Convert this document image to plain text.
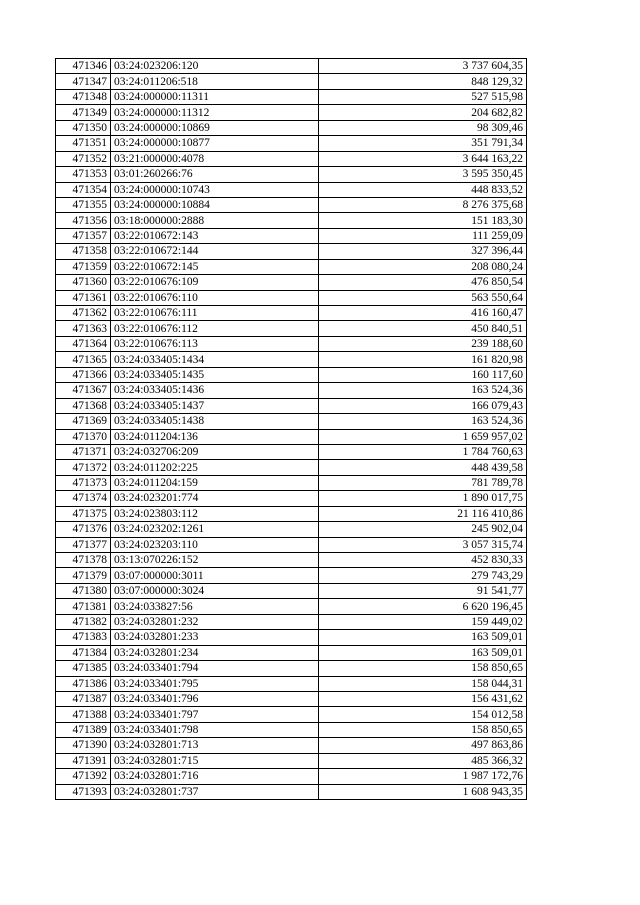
471346	03:24:023206:120	3 737 604,35
471347	03:24:011206:518	848 129,32
471348	03:24:000000:11311	527 515,98
471349	03:24:000000:11312	204 682,82
471350	03:24:000000:10869	98 309,46
471351	03:24:000000:10877	351 791,34
471352	03:21:000000:4078	3 644 163,22
471353	03:01:260266:76	3 595 350,45
471354	03:24:000000:10743	448 833,52
471355	03:24:000000:10884	8 276 375,68
471356	03:18:000000:2888	151 183,30
471357	03:22:010672:143	111 259,09
471358	03:22:010672:144	327 396,44
471359	03:22:010672:145	208 080,24
471360	03:22:010676:109	476 850,54
471361	03:22:010676:110	563 550,64
471362	03:22:010676:111	416 160,47
471363	03:22:010676:112	450 840,51
471364	03:22:010676:113	239 188,60
471365	03:24:033405:1434	161 820,98
471366	03:24:033405:1435	160 117,60
471367	03:24:033405:1436	163 524,36
471368	03:24:033405:1437	166 079,43
471369	03:24:033405:1438	163 524,36
471370	03:24:011204:136	1 659 957,02
471371	03:24:032706:209	1 784 760,63
471372	03:24:011202:225	448 439,58
471373	03:24:011204:159	781 789,78
471374	03:24:023201:774	1 890 017,75
471375	03:24:023803:112	21 116 410,86
471376	03:24:023202:1261	245 902,04
471377	03:24:023203:110	3 057 315,74
471378	03:13:070226:152	452 830,33
471379	03:07:000000:3011	279 743,29
471380	03:07:000000:3024	91 541,77
471381	03:24:033827:56	6 620 196,45
471382	03:24:032801:232	159 449,02
471383	03:24:032801:233	163 509,01
471384	03:24:032801:234	163 509,01
471385	03:24:033401:794	158 850,65
471386	03:24:033401:795	158 044,31
471387	03:24:033401:796	156 431,62
471388	03:24:033401:797	154 012,58
471389	03:24:033401:798	158 850,65
471390	03:24:032801:713	497 863,86
471391	03:24:032801:715	485 366,32
471392	03:24:032801:716	1 987 172,76
471393	03:24:032801:737	1 608 943,35
